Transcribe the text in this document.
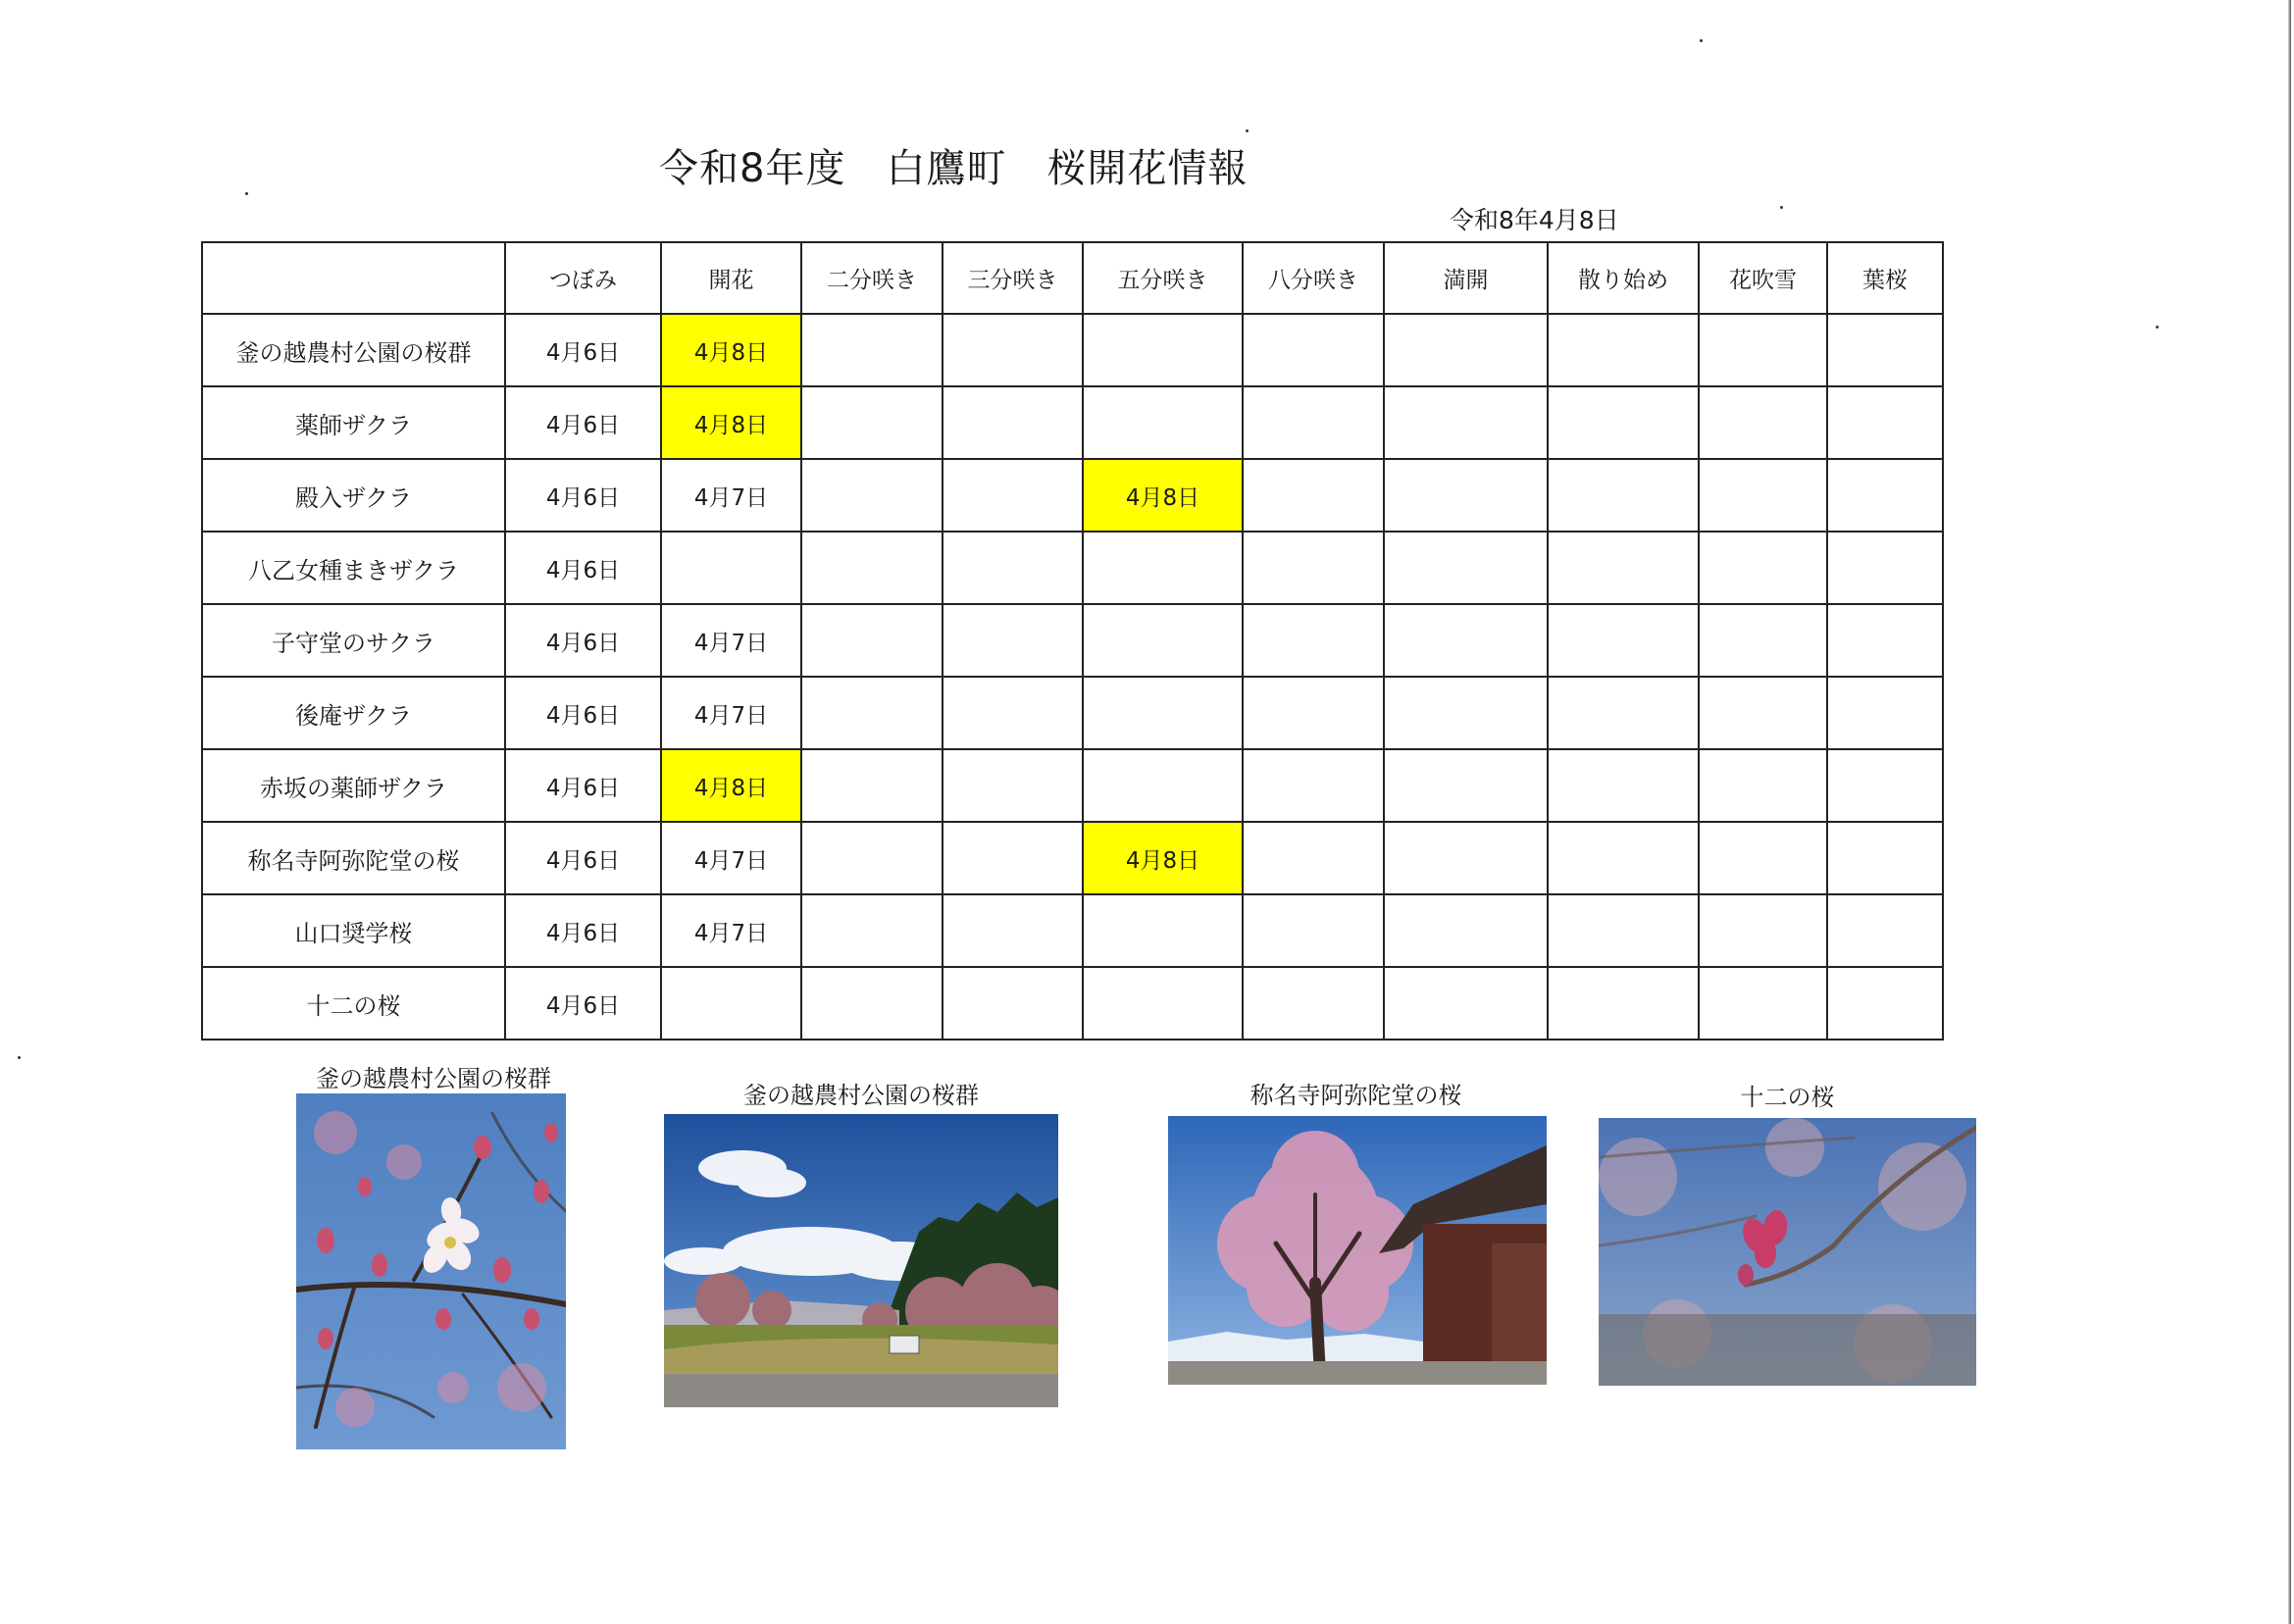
令和8年度　白鷹町　桜開花情報
令和8年4月8日
	つぼみ	開花	二分咲き	三分咲き	五分咲き	八分咲き	満開	散り始め	花吹雪	葉桜
釜の越農村公園の桜群	4月6日	4月8日								
薬師ザクラ	4月6日	4月8日								
殿入ザクラ	4月6日	4月7日			4月8日					
八乙女種まきザクラ	4月6日									
子守堂のサクラ	4月6日	4月7日								
後庵ザクラ	4月6日	4月7日								
赤坂の薬師ザクラ	4月6日	4月8日								
称名寺阿弥陀堂の桜	4月6日	4月7日			4月8日					
山口奨学桜	4月6日	4月7日								
十二の桜	4月6日									
釜の越農村公園の桜群
釜の越農村公園の桜群	称名寺阿弥陀堂の桜	十二の桜
